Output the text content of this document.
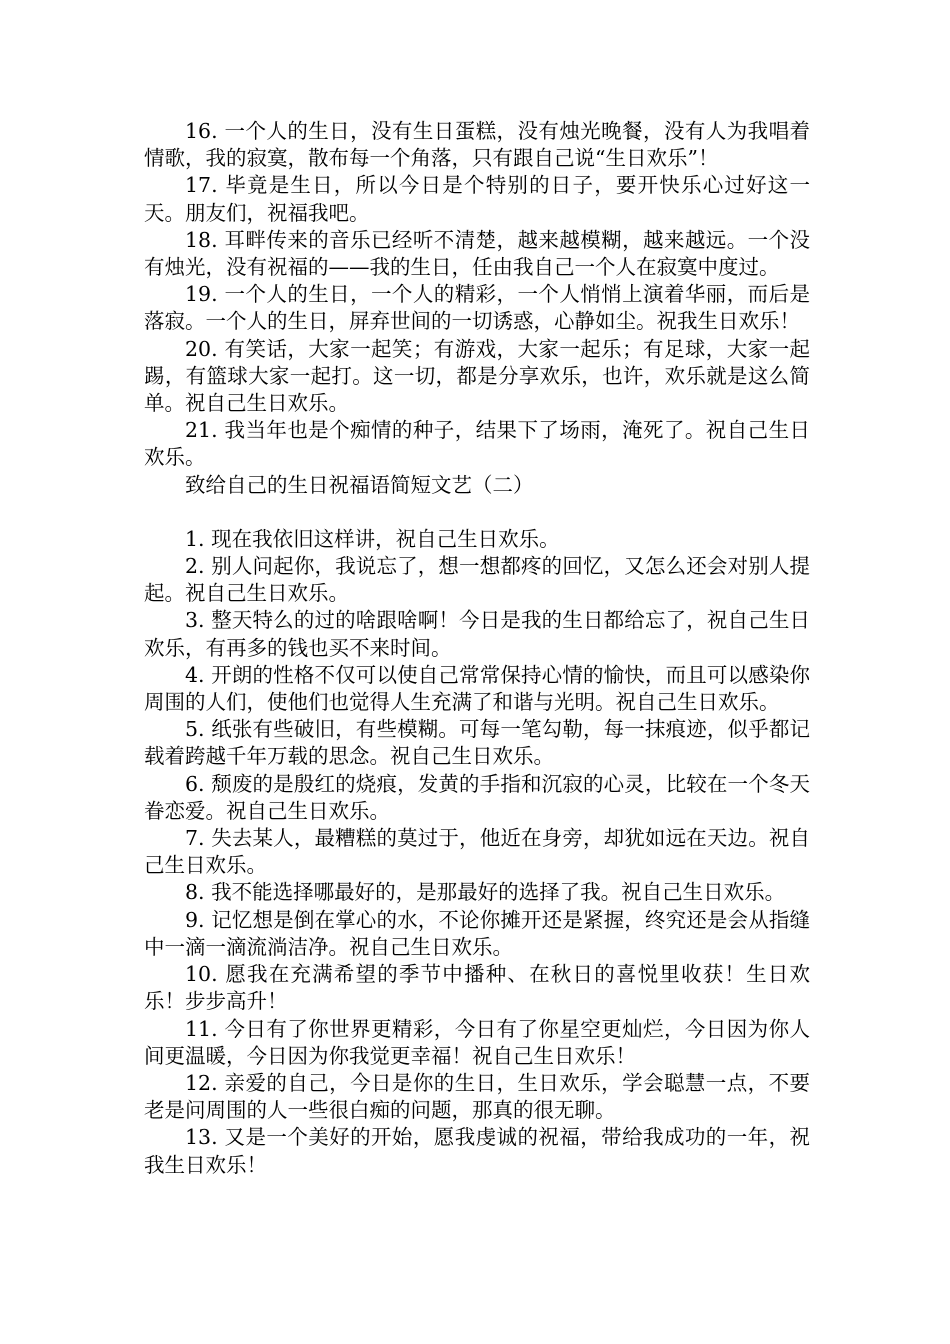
16. 一个人的生日，没有生日蛋糕，没有烛光晚餐，没有人为我唱着情歌，我的寂寞，散布每一个角落，只有跟自己说“生日欢乐”！

17. 毕竟是生日，所以今日是个特别的日子，要开快乐心过好这一天。朋友们，祝福我吧。

18. 耳畔传来的音乐已经听不清楚，越来越模糊，越来越远。一个没有烛光，没有祝福的——我的生日，任由我自己一个人在寂寞中度过。

19. 一个人的生日，一个人的精彩，一个人悄悄上演着华丽，而后是落寂。一个人的生日，屏弃世间的一切诱惑，心静如尘。祝我生日欢乐！

20. 有笑话，大家一起笑；有游戏，大家一起乐；有足球，大家一起踢，有篮球大家一起打。这一切，都是分享欢乐，也许，欢乐就是这么简单。祝自己生日欢乐。

21. 我当年也是个痴情的种子，结果下了场雨，淹死了。祝自己生日欢乐。

致给自己的生日祝福语简短文艺（二）

1. 现在我依旧这样讲，祝自己生日欢乐。

2. 别人问起你，我说忘了，想一想都疼的回忆，又怎么还会对别人提起。祝自己生日欢乐。

3. 整天特么的过的啥跟啥啊！今日是我的生日都给忘了，祝自己生日欢乐，有再多的钱也买不来时间。

4. 开朗的性格不仅可以使自己常常保持心情的愉快，而且可以感染你周围的人们，使他们也觉得人生充满了和谐与光明。祝自己生日欢乐。

5. 纸张有些破旧，有些模糊。可每一笔勾勒，每一抹痕迹，似乎都记载着跨越千年万载的思念。祝自己生日欢乐。

6. 颓废的是殷红的烧痕，发黄的手指和沉寂的心灵，比较在一个冬天眷恋爱。祝自己生日欢乐。

7. 失去某人，最糟糕的莫过于，他近在身旁，却犹如远在天边。祝自己生日欢乐。

8. 我不能选择哪最好的，是那最好的选择了我。祝自己生日欢乐。

9. 记忆想是倒在掌心的水，不论你摊开还是紧握，终究还是会从指缝中一滴一滴流淌洁净。祝自己生日欢乐。

10. 愿我在充满希望的季节中播种、在秋日的喜悦里收获！生日欢乐！步步高升！

11. 今日有了你世界更精彩，今日有了你星空更灿烂，今日因为你人间更温暖，今日因为你我觉更幸福！祝自己生日欢乐！

12. 亲爱的自己，今日是你的生日，生日欢乐，学会聪慧一点，不要老是问周围的人一些很白痴的问题，那真的很无聊。

13. 又是一个美好的开始，愿我虔诚的祝福，带给我成功的一年，祝我生日欢乐！
